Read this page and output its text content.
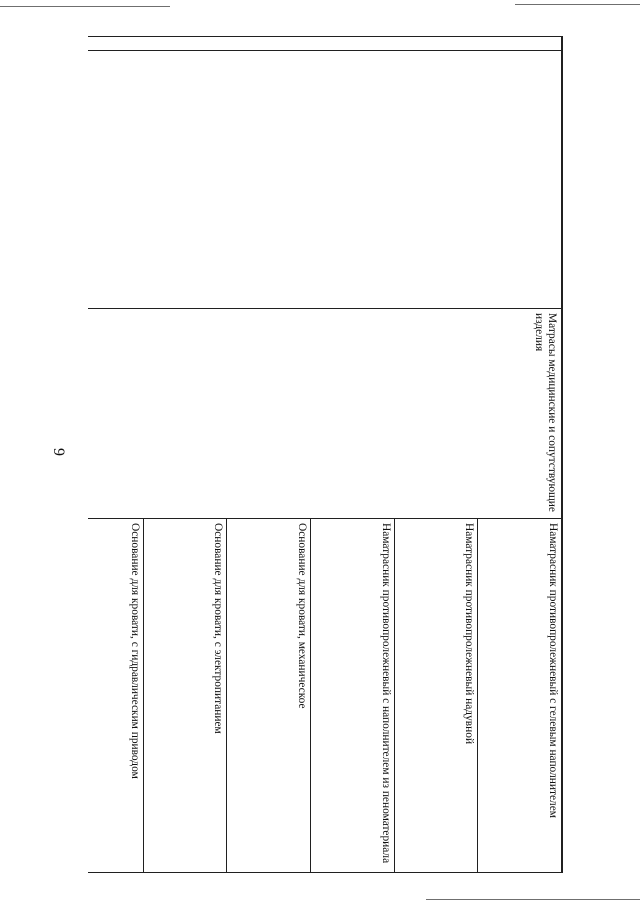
9
			Матрасы медицинские и сопутствующие изделия	Наматрасник противопролежневый с гелевым наполнителем	
			Наматрасник противопролежневый надувной	
			Наматрасник противопролежневый с наполнителем из пеноматериала	
			Основание для кровати, механическое	
			Основание для кровати, с электропитанием	
			Основание для кровати, с гидравлическим приводом	
